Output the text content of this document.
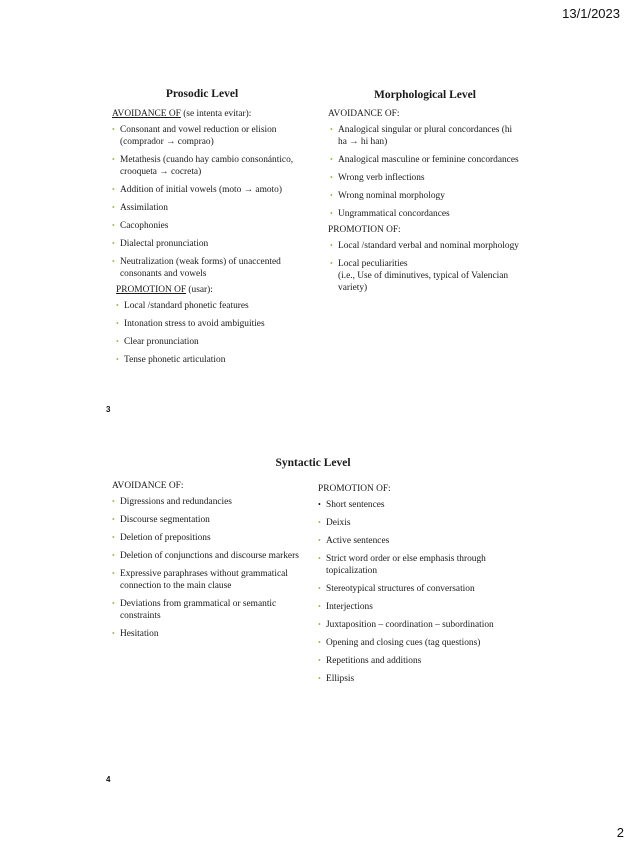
13/1/2023
Prosodic Level	Morphological Level
AVOIDANCE OF (se intenta evitar):
• Consonant and vowel reduction or elision (comprador → comprao)
• Metathesis (cuando hay cambio consonántico, crooqueta → cocreta)
• Addition of initial vowels (moto → amoto)
• Assimilation
• Cacophonies
• Dialectal pronunciation
• Neutralization (weak forms) of unaccented consonants and vowels
PROMOTION OF (usar):
• Local /standard phonetic features
• Intonation stress to avoid ambiguities
• Clear pronunciation
• Tense phonetic articulation
AVOIDANCE OF:
• Analogical singular or plural concordances (hi ha → hi han)
• Analogical masculine or feminine concordances
• Wrong verb inflections
• Wrong nominal morphology
• Ungrammatical concordances
PROMOTION OF:
• Local /standard verbal and nominal morphology
• Local peculiarities
(i.e., Use of diminutives, typical of Valencian variety)
3
Syntactic Level
AVOIDANCE OF:
• Digressions and redundancies
• Discourse segmentation
• Deletion of prepositions
• Deletion of conjunctions and discourse markers
• Expressive paraphrases without grammatical connection to the main clause
• Deviations from grammatical or semantic constraints
• Hesitation
PROMOTION OF:
• Short sentences
• Deixis
• Active sentences
• Strict word order or else emphasis through topicalization
• Stereotypical structures of conversation
• Interjections
• Juxtaposition – coordination – subordination
• Opening and closing cues (tag questions)
• Repetitions and additions
• Ellipsis
4
2
